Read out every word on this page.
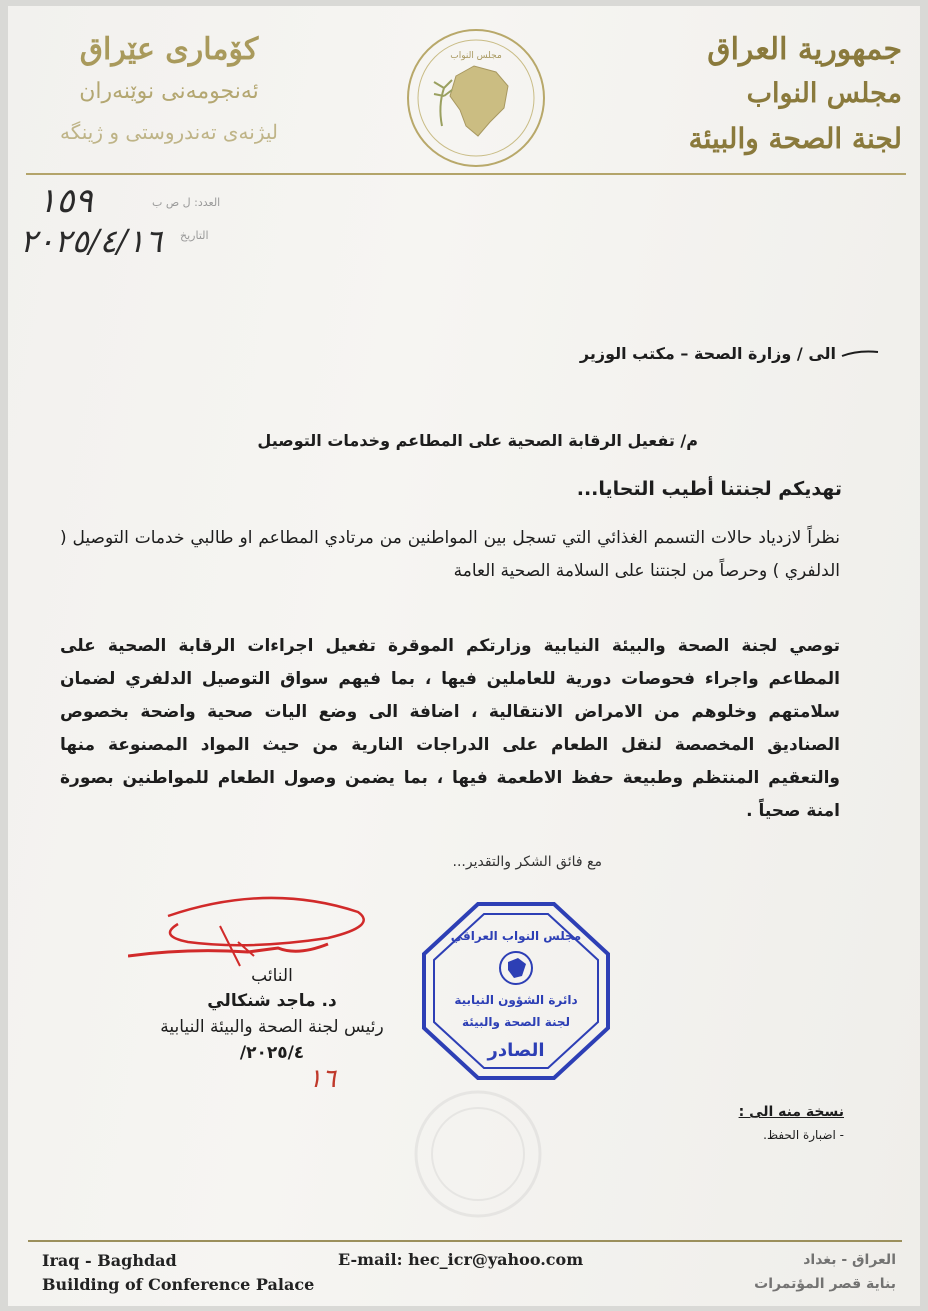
جمهورية العراق
مجلس النواب
لجنة الصحة والبيئة
مجلس النواب
كۆماری عێراق
ئەنجومەنی نوێنەران
لیژنەی تەندروستی و ژینگە
١٥٩	العدد: ل ص ب
٢٠٢٥/٤/١٦ التاريخ
الى / وزارة الصحة – مكتب الوزير
م/ تفعيل الرقابة الصحية على المطاعم وخدمات التوصيل
تهديكم لجنتنا أطيب التحايا...
نظراً لازدياد حالات التسمم الغذائي التي تسجل بين المواطنين من مرتادي المطاعم او طالبي خدمات التوصيل ( الدلفري ) وحرصاً من لجنتنا على السلامة الصحية العامة
توصي لجنة الصحة والبيئة النيابية وزارتكم الموقرة تفعيل اجراءات الرقابة الصحية على المطاعم واجراء فحوصات دورية للعاملين فيها ، بما فيهم سواق التوصيل الدلفري لضمان سلامتهم وخلوهم من الامراض الانتقالية ، اضافة الى وضع اليات صحية واضحة بخصوص الصناديق المخصصة لنقل الطعام على الدراجات النارية من حيث المواد المصنوعة منها والتعقيم المنتظم وطبيعة حفظ الاطعمة فيها ، بما يضمن وصول الطعام للمواطنين بصورة امنة صحياً .
مع فائق الشكر والتقدير...
النائب
د. ماجد شنكالي
رئيس لجنة الصحة والبيئة النيابية
٢٠٢٥/٤/
١٦
مجلس النواب العراقي
دائرة الشؤون النيابية
لجنة الصحة والبيئة
الصادر
نسخة منه الى :
- اضبارة الحفظ.
Iraq - Baghdad
Building of Conference Palace
E-mail: hec_icr@yahoo.com	العراق - بغداد
بناية قصر المؤتمرات
